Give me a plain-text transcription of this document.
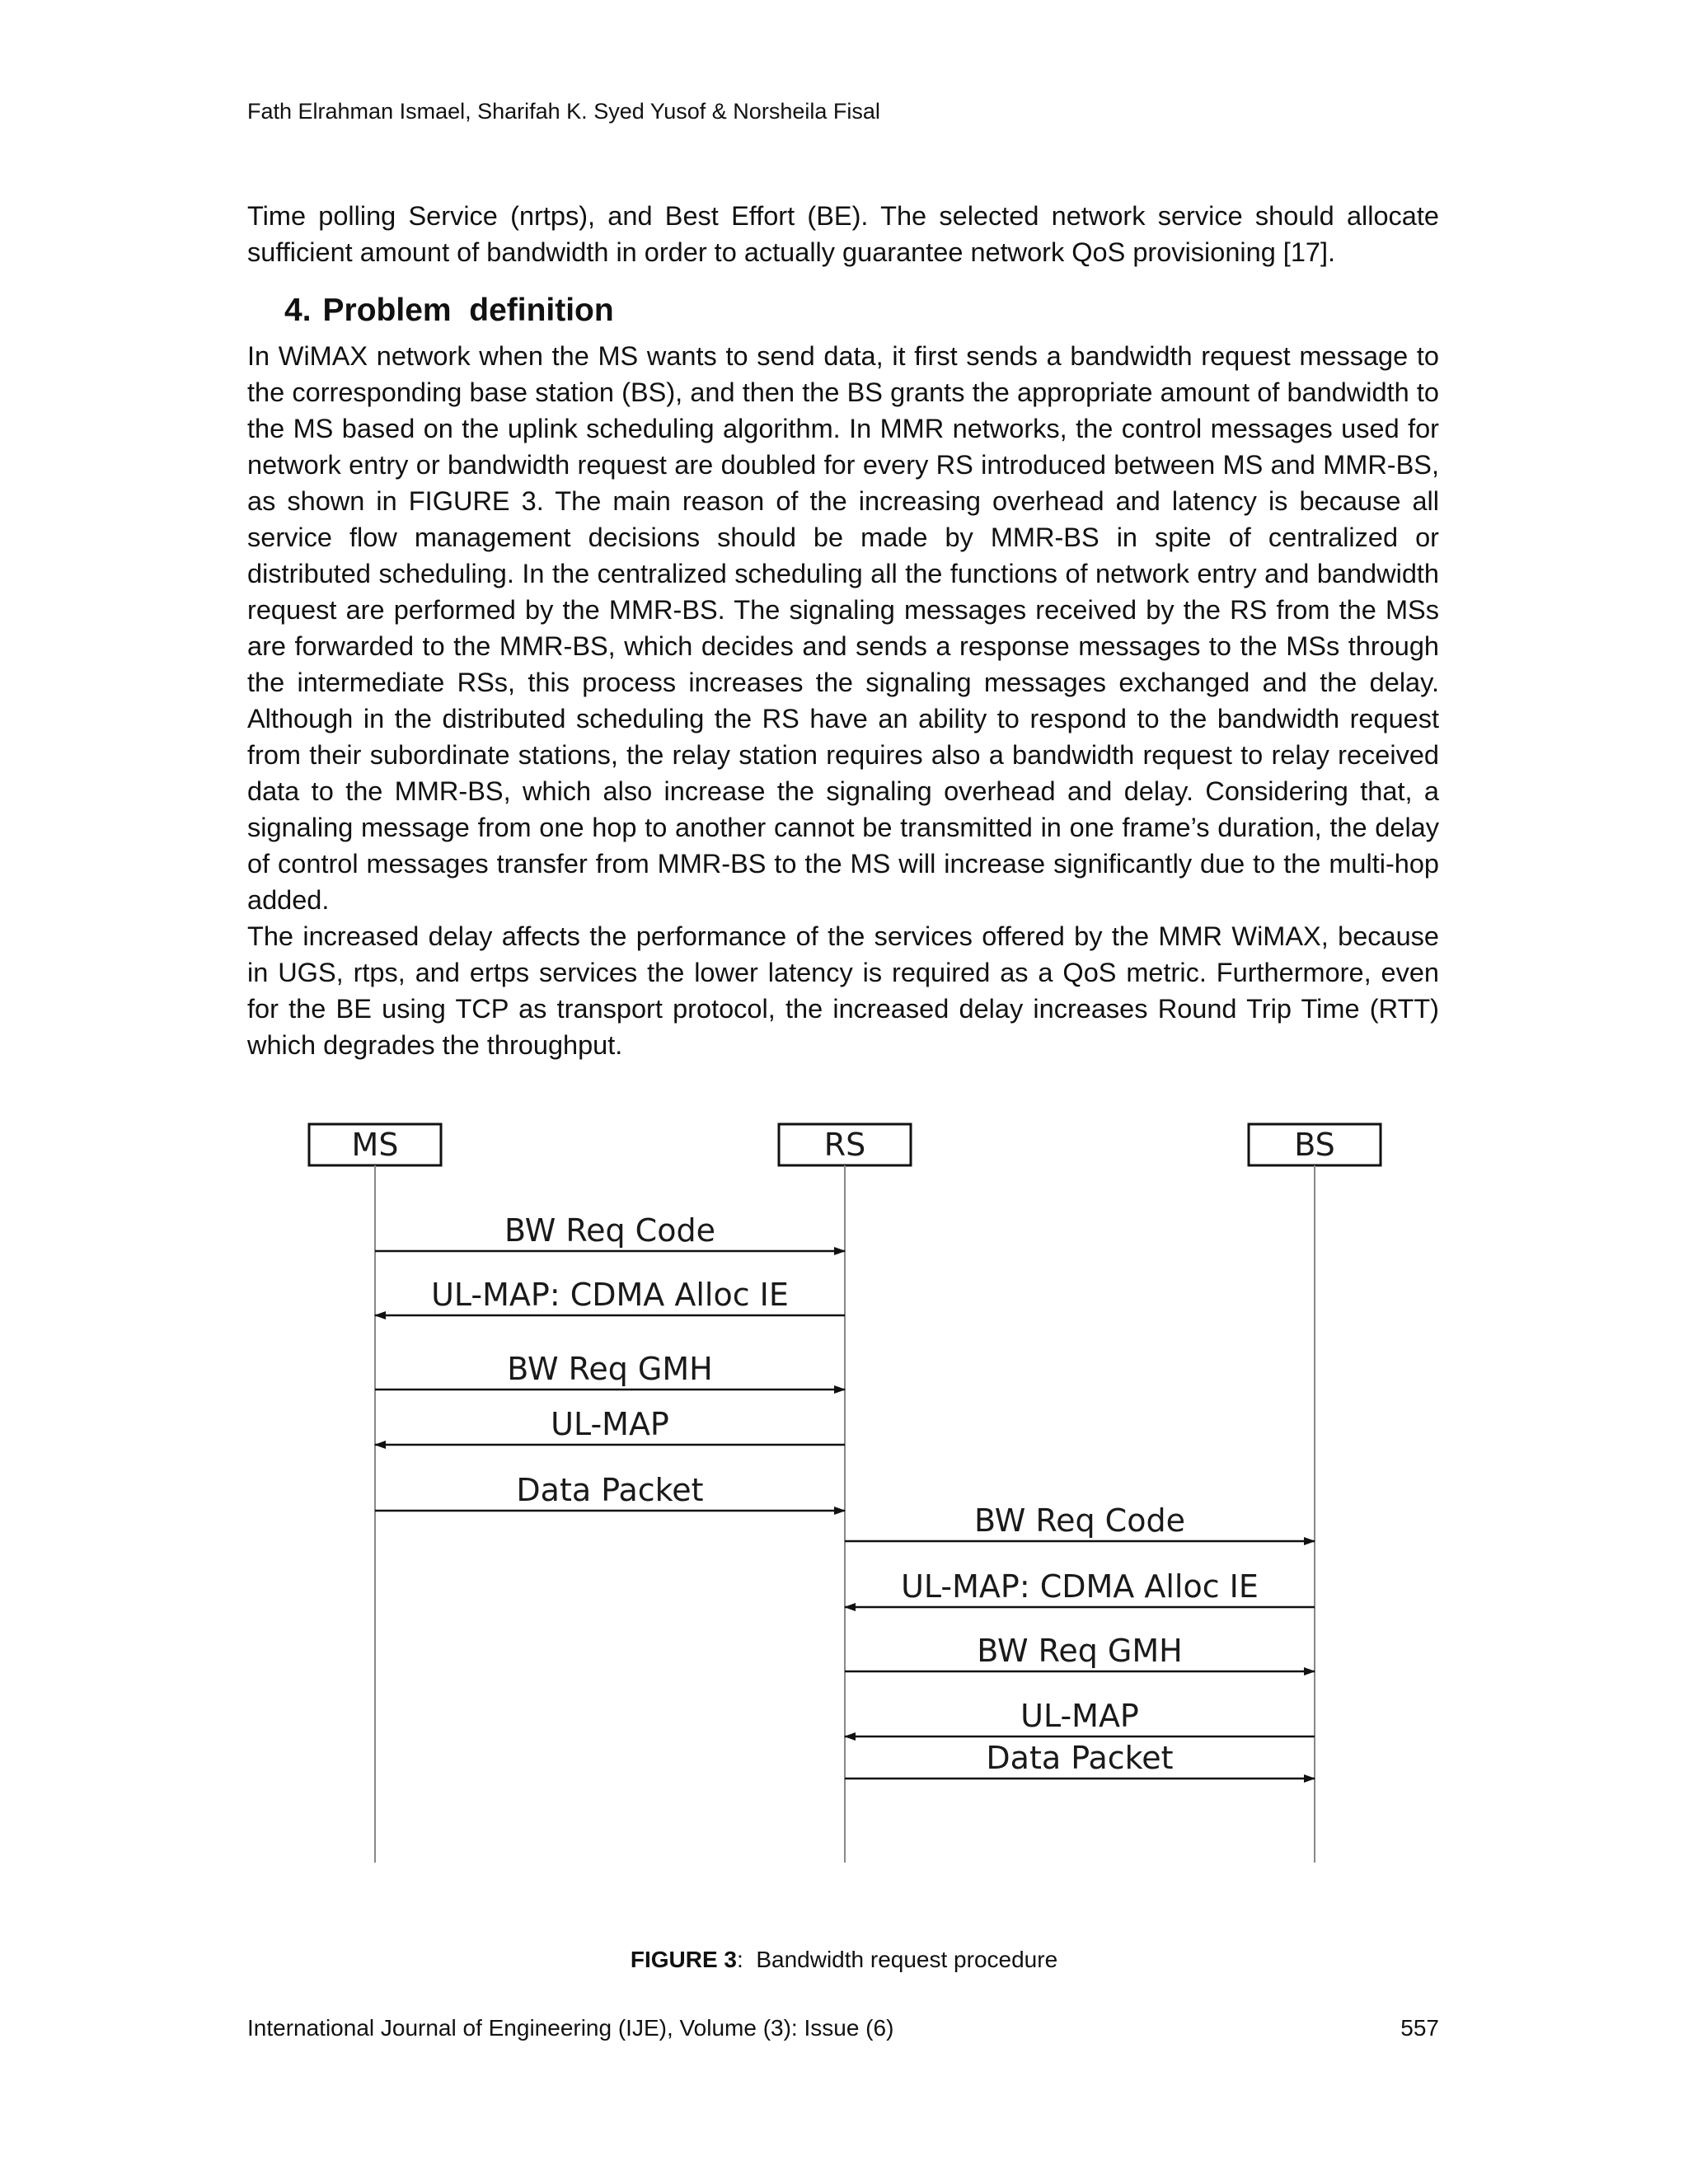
Fath Elrahman Ismael, Sharifah K. Syed Yusof & Norsheila Fisal

Time polling Service (nrtps), and Best Effort (BE). The selected network service should allocate sufficient amount of bandwidth in order to actually guarantee network QoS provisioning [17].

4. Problem  definition

In WiMAX network when the MS wants to send data, it first sends a bandwidth request message to the corresponding base station (BS), and then the BS grants the appropriate amount of bandwidth to the MS based on the uplink scheduling algorithm. In MMR networks, the control messages used for network entry or bandwidth request are doubled for every RS introduced between MS and MMR-BS, as shown in FIGURE 3. The main reason of the increasing overhead and latency is because all service flow management decisions should be made by MMR-BS in spite of centralized or distributed scheduling. In the centralized scheduling all the functions of network entry and bandwidth request are performed by the MMR-BS. The signaling messages received by the RS from the MSs are forwarded to the MMR-BS, which decides and sends a response messages to the MSs through the intermediate RSs, this process increases the signaling messages exchanged and the delay. Although in the distributed scheduling the RS have an ability to respond to the bandwidth request from their subordinate stations, the relay station requires also a bandwidth request to relay received data to the MMR-BS, which also increase the signaling overhead and delay. Considering that, a signaling message from one hop to another cannot be transmitted in one frame’s duration, the delay of control messages transfer from MMR-BS to the MS will increase significantly due to the multi-hop added.

The increased delay affects the performance of the services offered by the MMR WiMAX, because in UGS, rtps, and ertps services the lower latency is required as a QoS metric. Furthermore, even for the BE using TCP as transport protocol, the increased delay increases Round Trip Time (RTT) which degrades the throughput.

MS	RS	BS
BW Req Code
UL-MAP: CDMA Alloc IE
BW Req GMH
UL-MAP
Data Packet
BW Req Code
UL-MAP: CDMA Alloc IE
BW Req GMH
UL-MAP
Data Packet
FIGURE 3: Bandwidth request procedure
International Journal of Engineering (IJE), Volume (3): Issue (6)	557
